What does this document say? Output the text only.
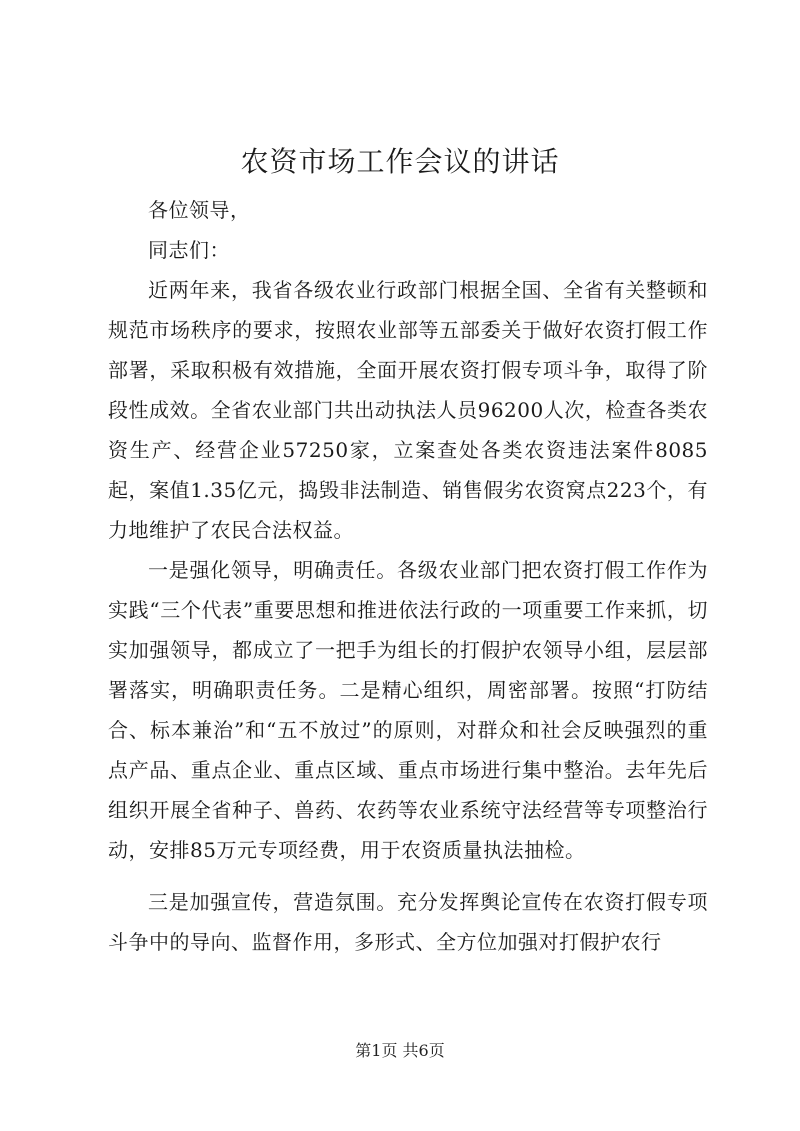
农资市场工作会议的讲话

各位领导，

同志们：

近两年来，我省各级农业行政部门根据全国、全省有关整顿和规范市场秩序的要求，按照农业部等五部委关于做好农资打假工作部署，采取积极有效措施，全面开展农资打假专项斗争，取得了阶段性成效。全省农业部门共出动执法人员96200人次，检查各类农资生产、经营企业57250家，立案查处各类农资违法案件8085起，案值1.35亿元，捣毁非法制造、销售假劣农资窝点223个，有力地维护了农民合法权益。

一是强化领导，明确责任。各级农业部门把农资打假工作作为实践“三个代表”重要思想和推进依法行政的一项重要工作来抓，切实加强领导，都成立了一把手为组长的打假护农领导小组，层层部署落实，明确职责任务。二是精心组织，周密部署。按照“打防结合、标本兼治”和“五不放过”的原则，对群众和社会反映强烈的重点产品、重点企业、重点区域、重点市场进行集中整治。去年先后组织开展全省种子、兽药、农药等农业系统守法经营等专项整治行动，安排85万元专项经费，用于农资质量执法抽检。

三是加强宣传，营造氛围。充分发挥舆论宣传在农资打假专项斗争中的导向、监督作用，多形式、全方位加强对打假护农行

第1页 共6页
